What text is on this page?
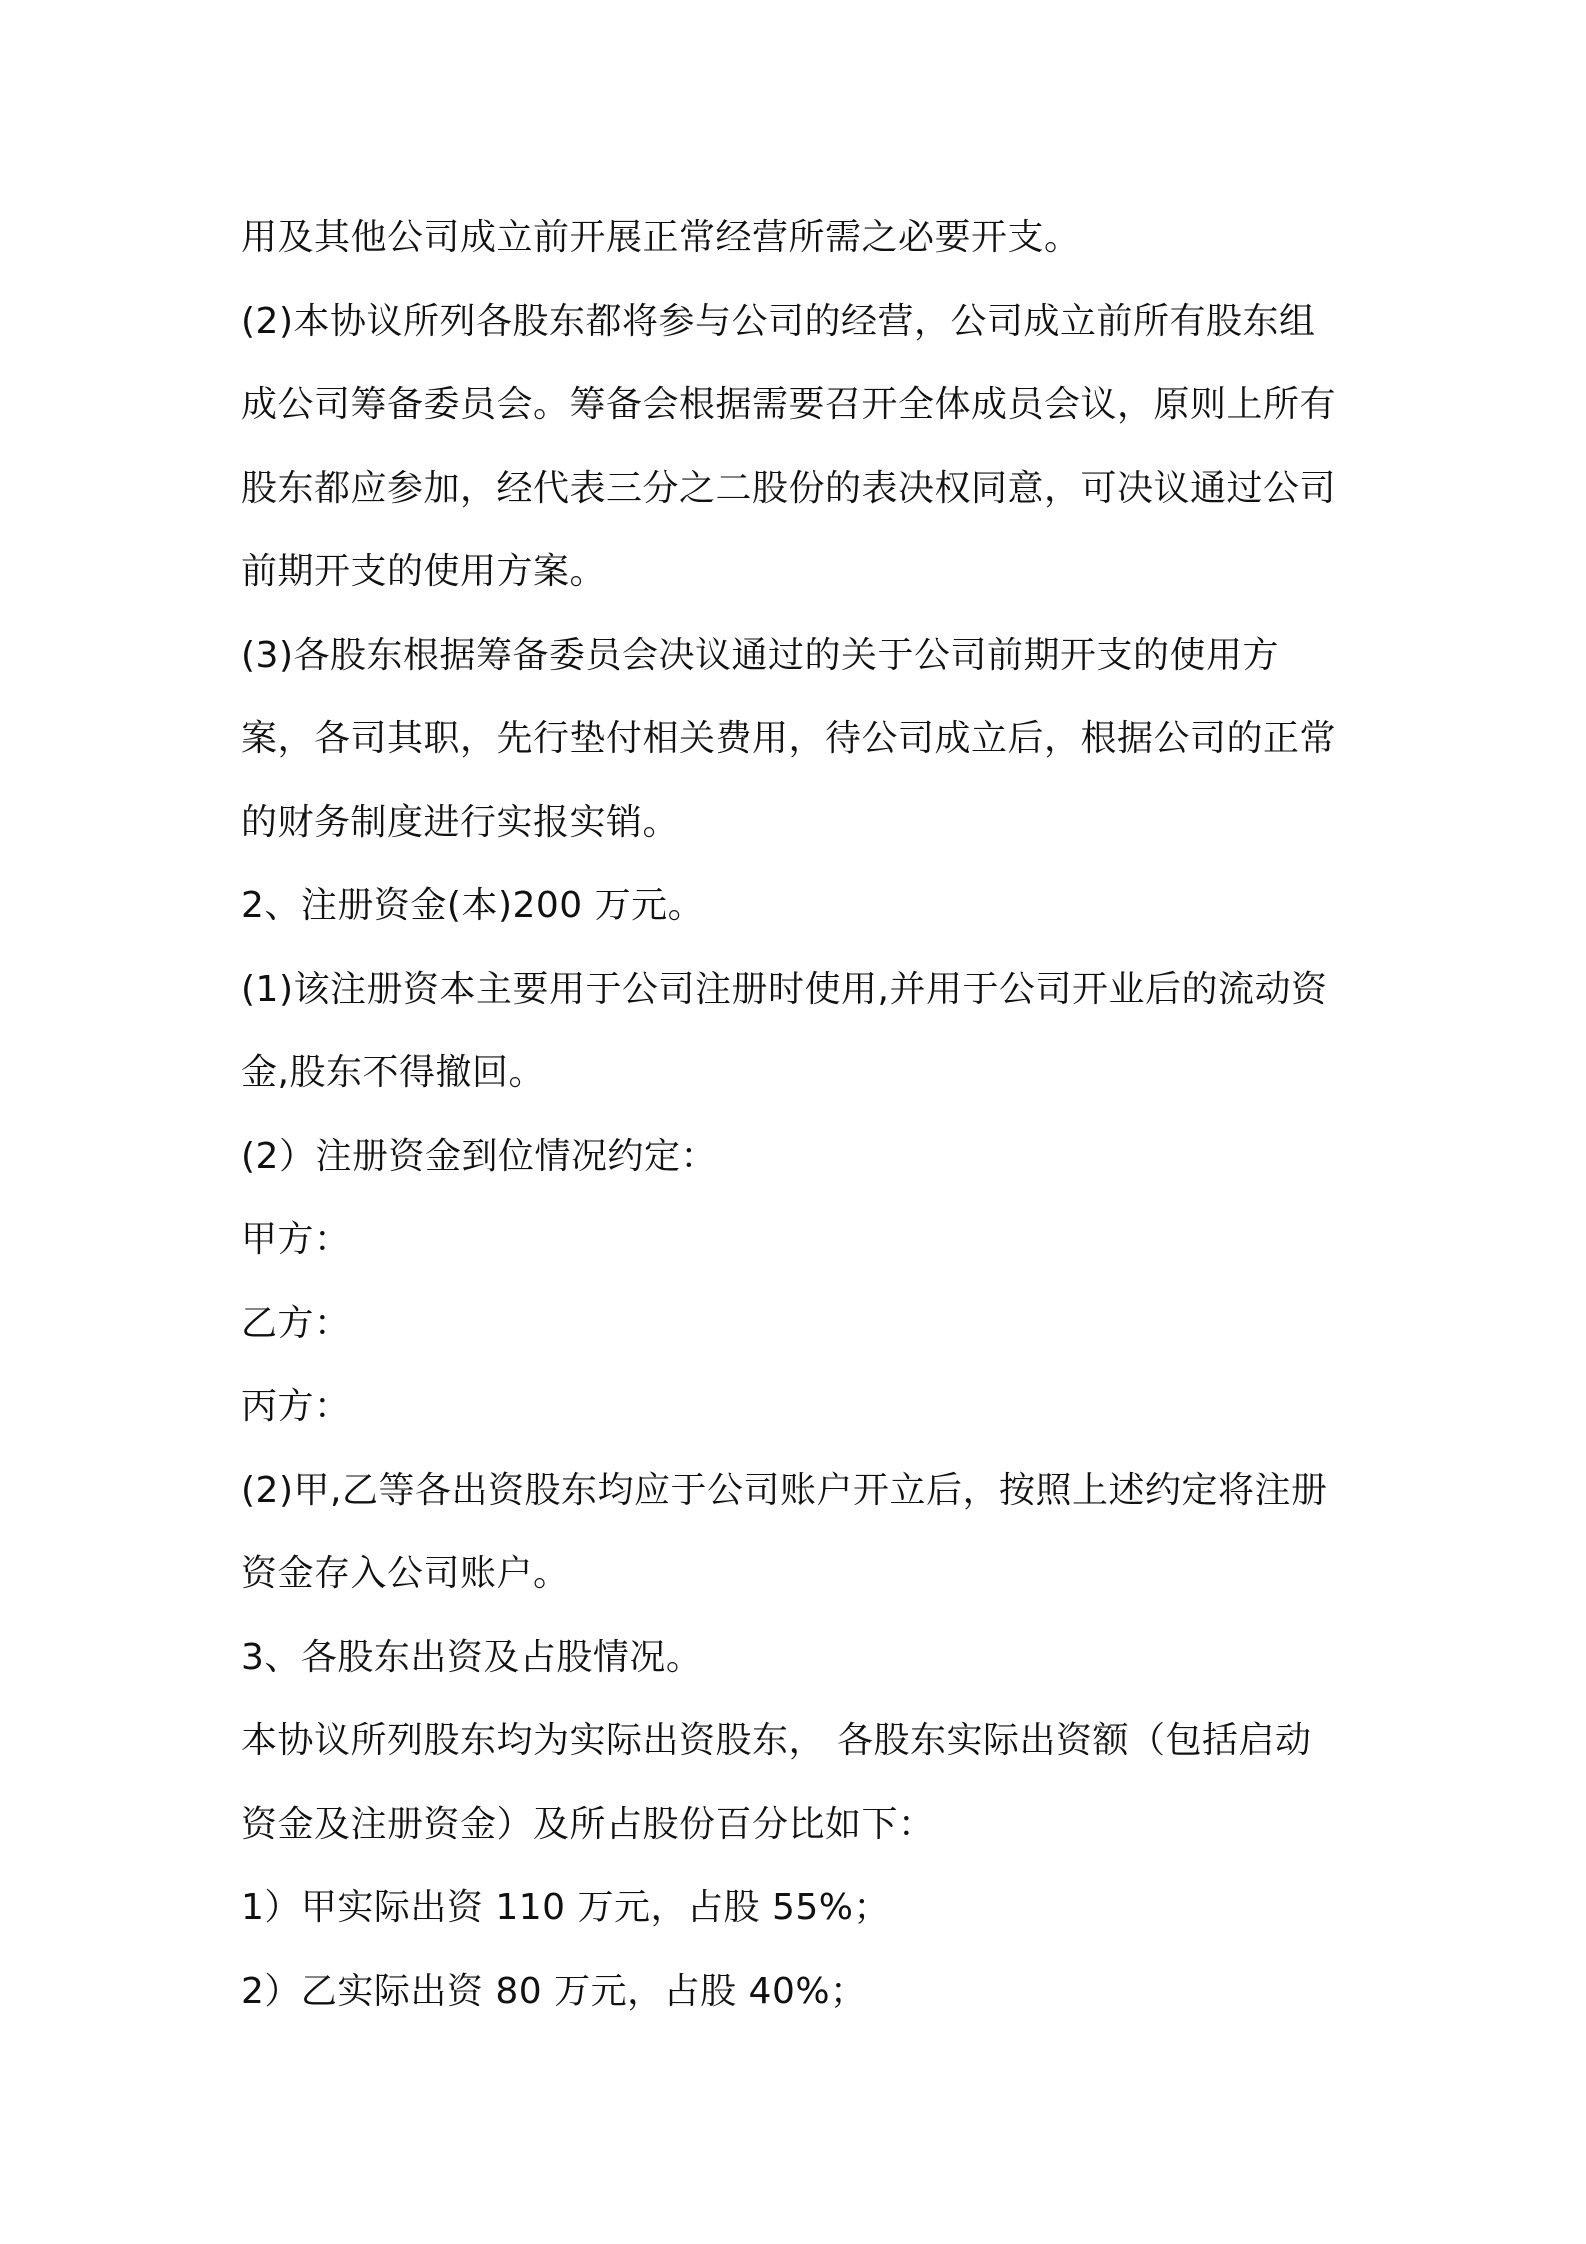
用及其他公司成立前开展正常经营所需之必要开支。
(2)本协议所列各股东都将参与公司的经营，公司成立前所有股东组
成公司筹备委员会。筹备会根据需要召开全体成员会议，原则上所有
股东都应参加，经代表三分之二股份的表决权同意，可决议通过公司
前期开支的使用方案。
(3)各股东根据筹备委员会决议通过的关于公司前期开支的使用方
案，各司其职，先行垫付相关费用，待公司成立后，根据公司的正常
的财务制度进行实报实销。
2、注册资金(本)200 万元。
(1)该注册资本主要用于公司注册时使用,并用于公司开业后的流动资
金,股东不得撤回。
(2）注册资金到位情况约定：
甲方：
乙方：
丙方：
(2)甲,乙等各出资股东均应于公司账户开立后，按照上述约定将注册
资金存入公司账户。
3、各股东出资及占股情况。
本协议所列股东均为实际出资股东， 各股东实际出资额（包括启动
资金及注册资金）及所占股份百分比如下：
1）甲实际出资 110 万元，占股 55%；
2）乙实际出资 80 万元，占股 40%；
